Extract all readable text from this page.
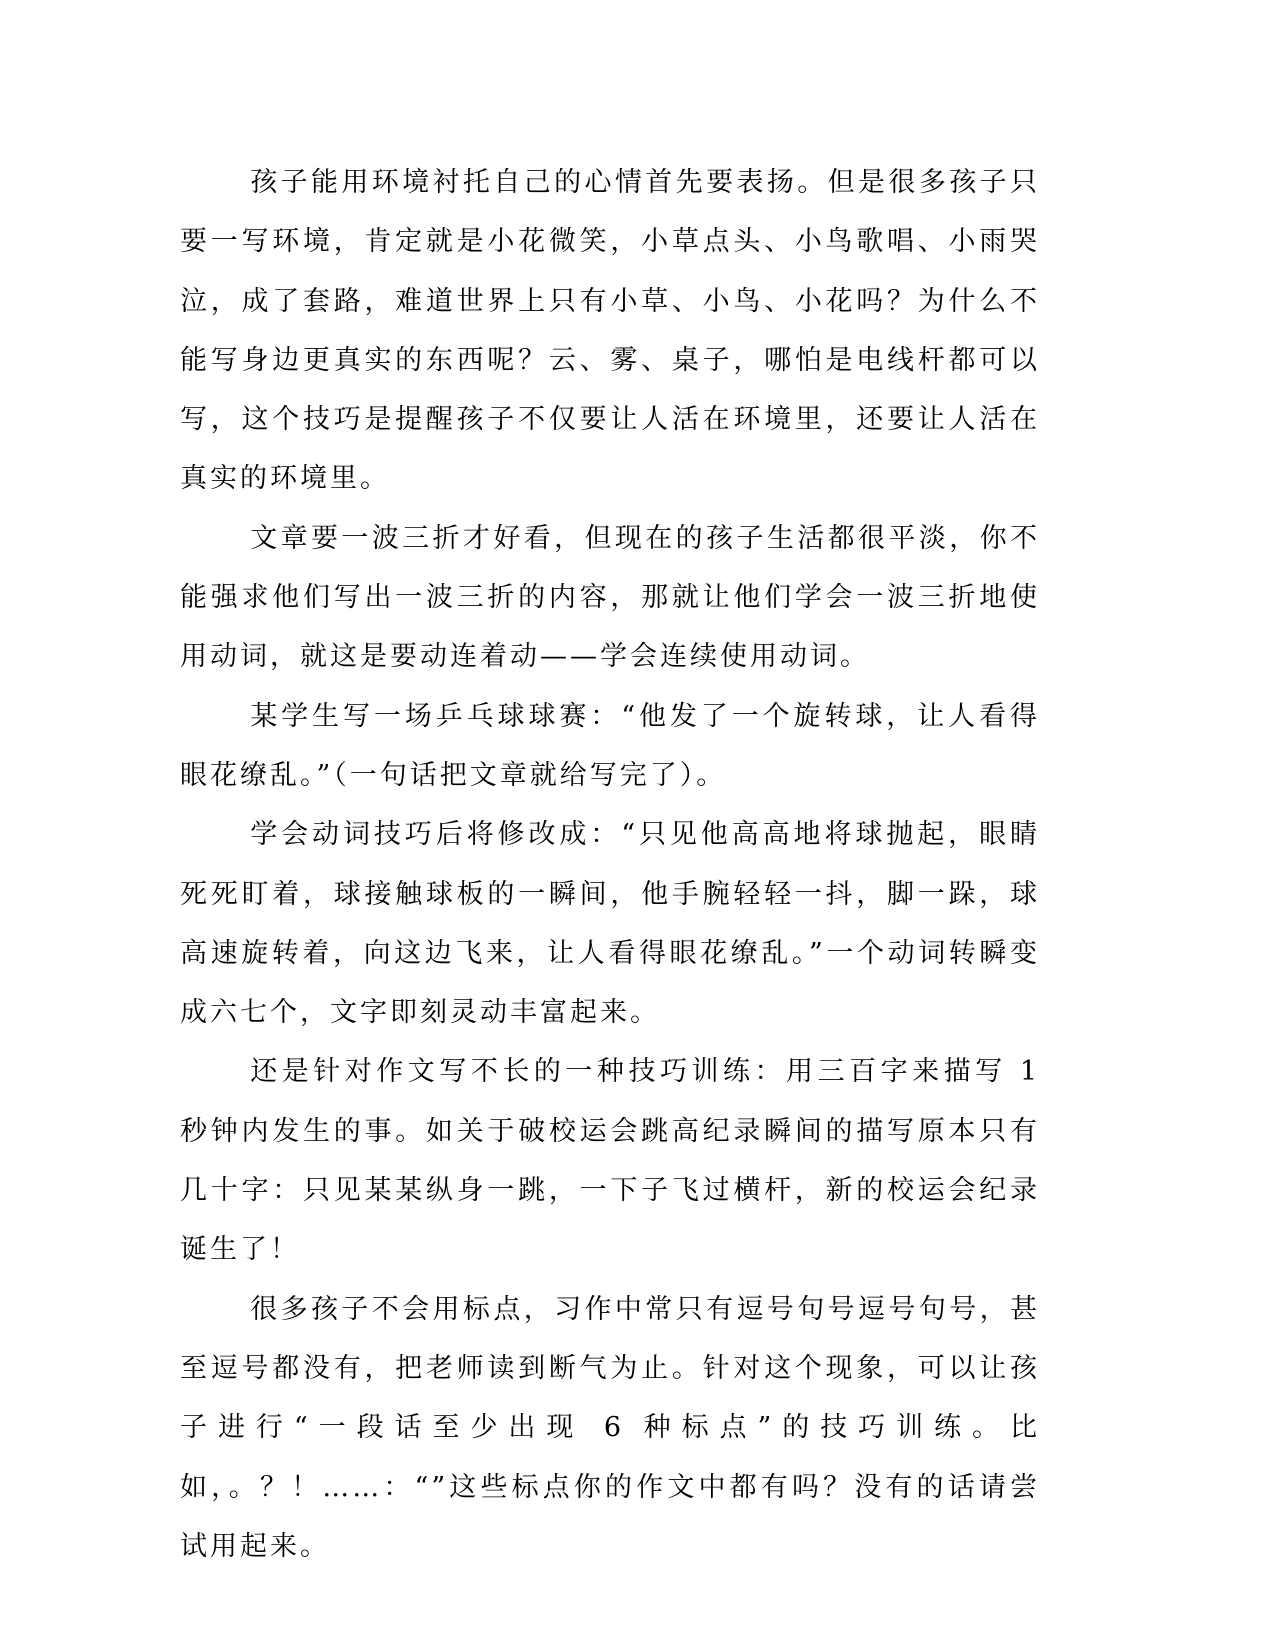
孩子能用环境衬托自己的心情首先要表扬。但是很多孩子只要一写环境，肯定就是小花微笑，小草点头、小鸟歌唱、小雨哭泣，成了套路，难道世界上只有小草、小鸟、小花吗？为什么不能写身边更真实的东西呢？云、雾、桌子，哪怕是电线杆都可以写，这个技巧是提醒孩子不仅要让人活在环境里，还要让人活在真实的环境里。

文章要一波三折才好看，但现在的孩子生活都很平淡，你不能强求他们写出一波三折的内容，那就让他们学会一波三折地使用动词，就这是要动连着动——学会连续使用动词。

某学生写一场乒乓球球赛：“他发了一个旋转球，让人看得眼花缭乱。”（一句话把文章就给写完了）。

学会动词技巧后将修改成：“只见他高高地将球抛起，眼睛死死盯着，球接触球板的一瞬间，他手腕轻轻一抖，脚一跺，球高速旋转着，向这边飞来，让人看得眼花缭乱。”一个动词转瞬变成六七个，文字即刻灵动丰富起来。

还是针对作文写不长的一种技巧训练：用三百字来描写 1 秒钟内发生的事。如关于破校运会跳高纪录瞬间的描写原本只有几十字：只见某某纵身一跳，一下子飞过横杆，新的校运会纪录诞生了！

很多孩子不会用标点，习作中常只有逗号句号逗号句号，甚至逗号都没有，把老师读到断气为止。针对这个现象，可以让孩子进行“一段话至少出现 6 种标点”的技巧训练。比如，。？！……：“”这些标点你的作文中都有吗？没有的话请尝试用起来。
